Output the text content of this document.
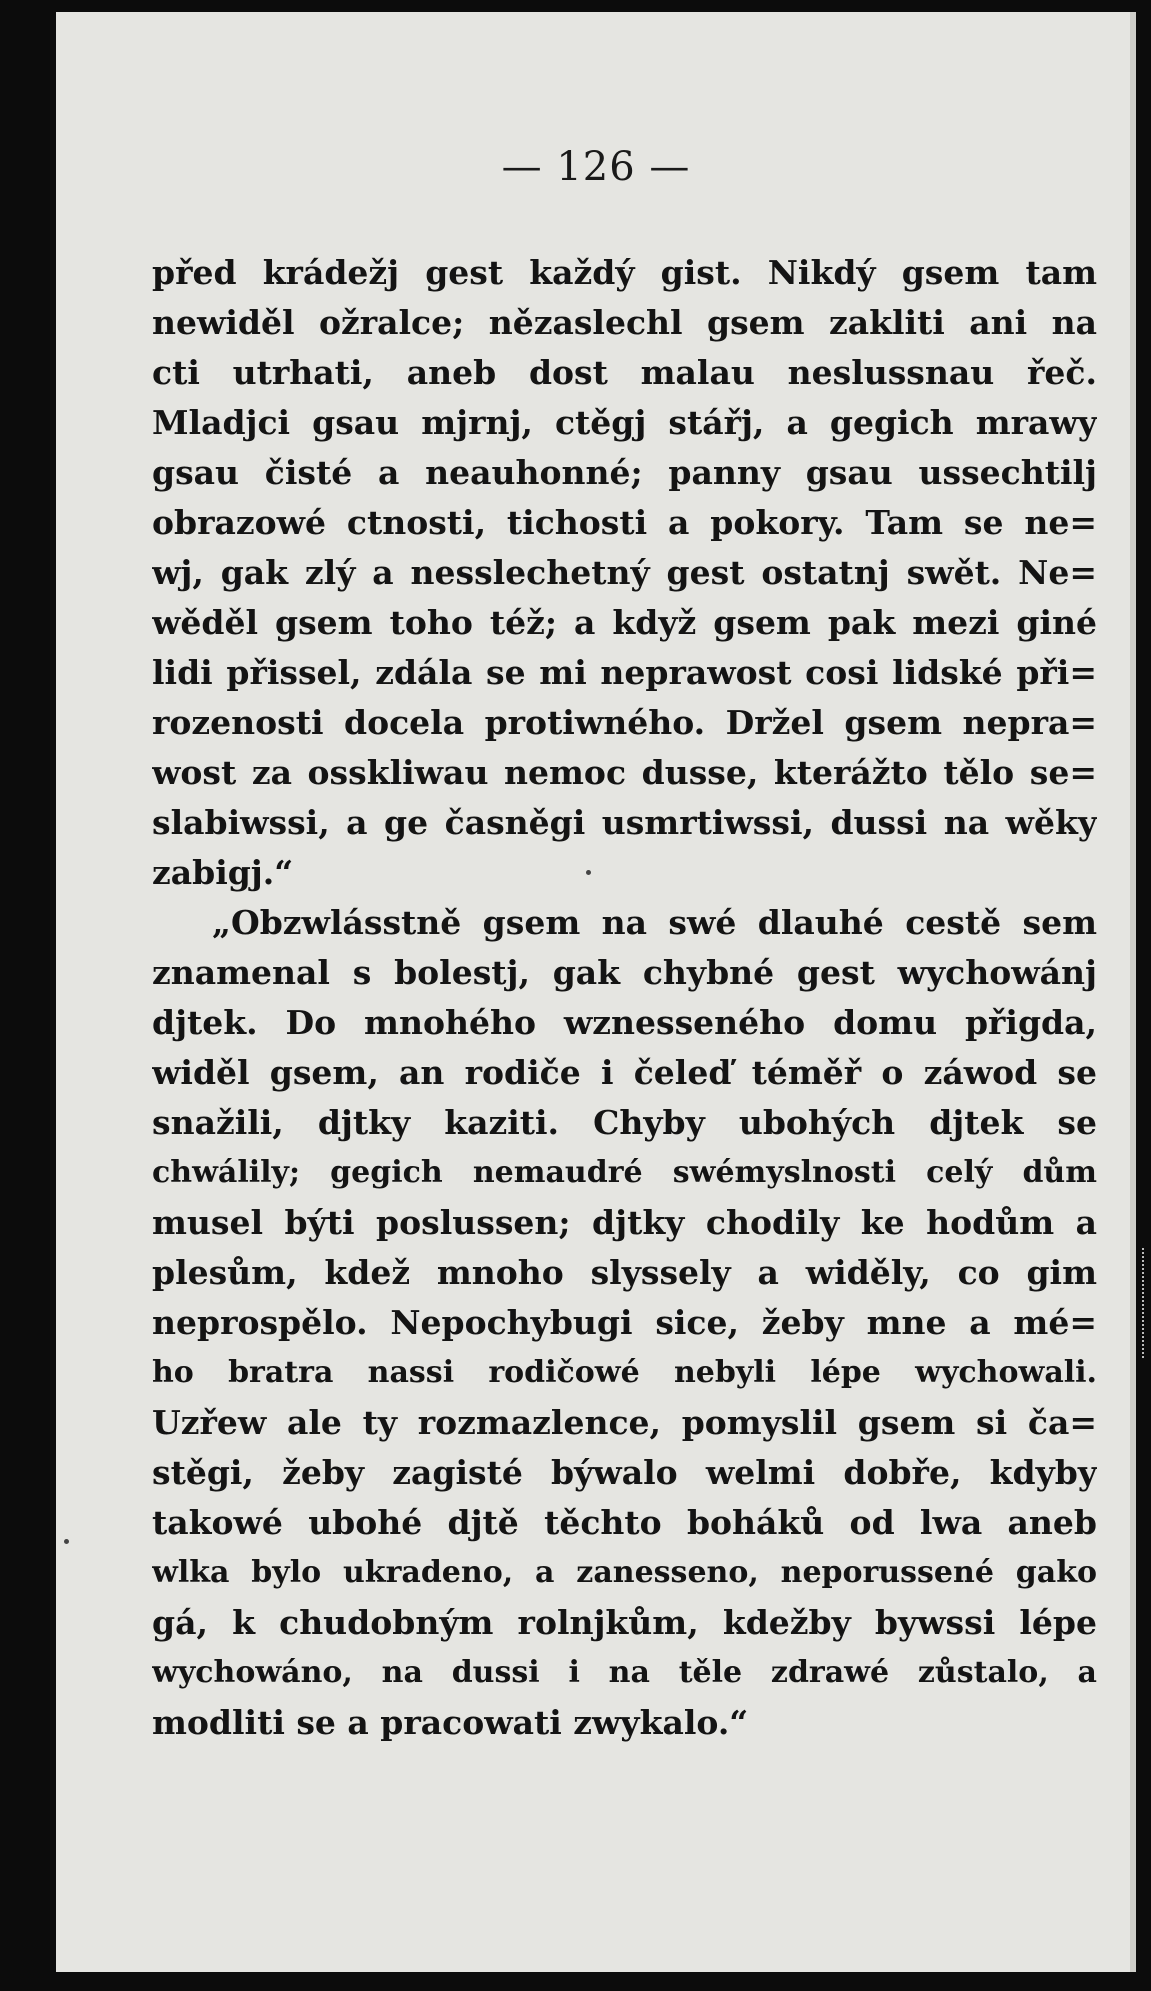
— 126 —
před krádežj gest každý gist. Nikdý gsem tam
newiděl ožralce; nězaslechl gsem zakliti ani na
cti utrhati, aneb dost malau neslussnau řeč.
Mladjci gsau mjrnj, ctěgj stářj, a gegich mrawy
gsau čisté a neauhonné; panny gsau ussechtilj
obrazowé ctnosti, tichosti a pokory. Tam se ne=
wj, gak zlý a nesslechetný gest ostatnj swět. Ne=
wěděl gsem toho též; a když gsem pak mezi giné
lidi přissel, zdála se mi neprawost cosi lidské při=
rozenosti docela protiwného. Držel gsem nepra=
wost za osskliwau nemoc dusse, kterážto tělo se=
slabiwssi, a ge časněgi usmrtiwssi, dussi na wěky
zabigj.“
„Obzwlásstně gsem na swé dlauhé cestě sem
znamenal s bolestj, gak chybné gest wychowánj
djtek. Do mnohého wznesseného domu přigda,
widěl gsem, an rodiče i čeleď téměř o záwod se
snažili, djtky kaziti. Chyby ubohých djtek se
chwálily; gegich nemaudré swémyslnosti celý dům
musel býti poslussen; djtky chodily ke hodům a
plesům, kdež mnoho slyssely a widěly, co gim
neprospělo. Nepochybugi sice, žeby mne a mé=
ho bratra nassi rodičowé nebyli lépe wychowali.
Uzřew ale ty rozmazlence, pomyslil gsem si ča=
stěgi, žeby zagisté býwalo welmi dobře, kdyby
takowé ubohé djtě těchto boháků od lwa aneb
wlka bylo ukradeno, a zanesseno, neporussené gako
gá, k chudobným rolnjkům, kdežby bywssi lépe
wychowáno, na dussi i na těle zdrawé zůstalo, a
modliti se a pracowati zwykalo.“
